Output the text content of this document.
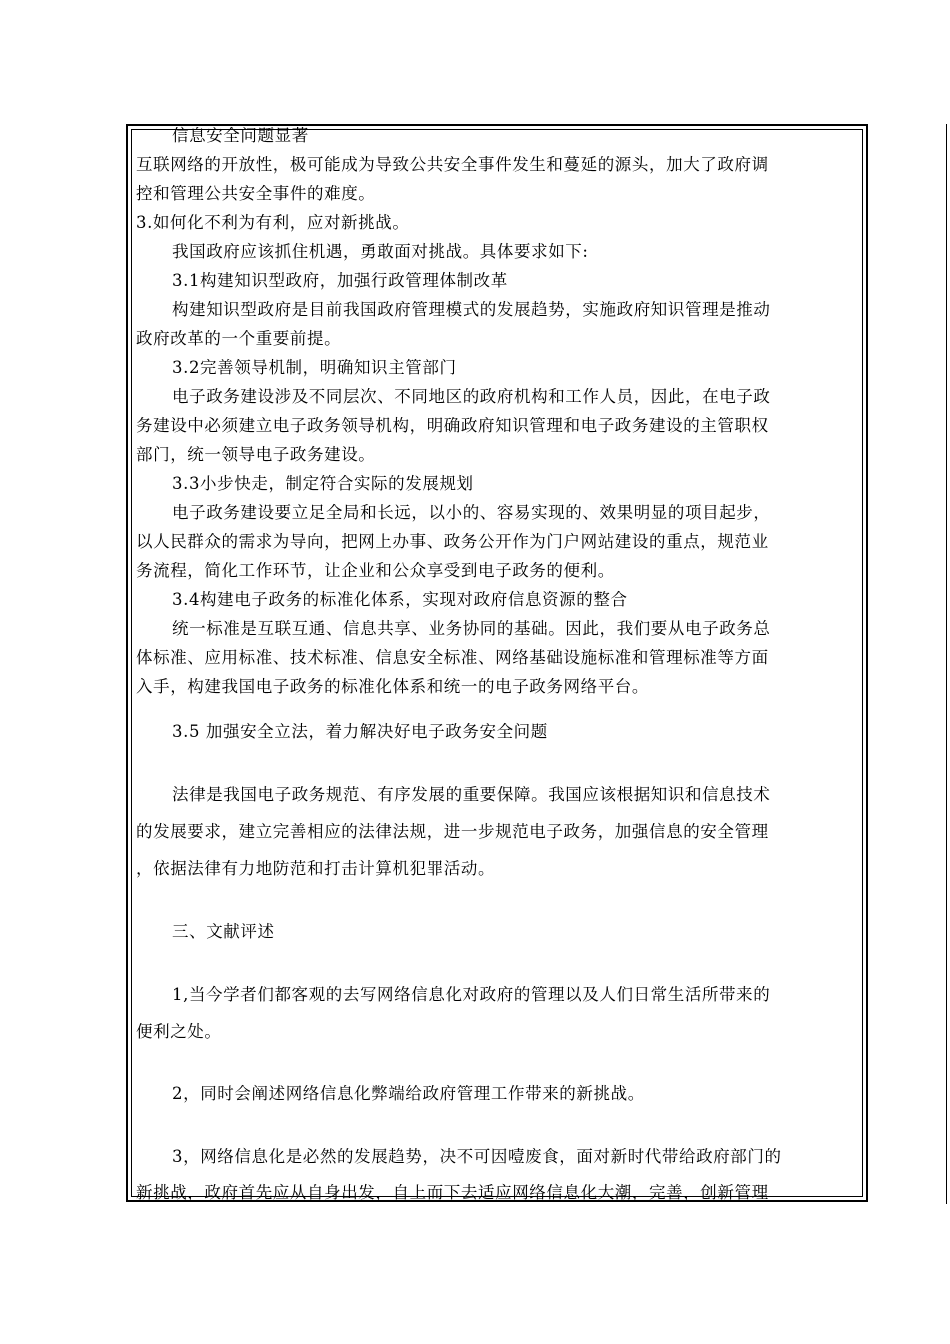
信息安全问题显著
互联网络的开放性，极可能成为导致公共安全事件发生和蔓延的源头，加大了政府调
控和管理公共安全事件的难度。
3.如何化不利为有利，应对新挑战。
我国政府应该抓住机遇，勇敢面对挑战。具体要求如下:
3.1构建知识型政府，加强行政管理体制改革
构建知识型政府是目前我国政府管理模式的发展趋势，实施政府知识管理是推动
政府改革的一个重要前提。
3.2完善领导机制，明确知识主管部门
电子政务建设涉及不同层次、不同地区的政府机构和工作人员，因此，在电子政
务建设中必须建立电子政务领导机构，明确政府知识管理和电子政务建设的主管职权
部门，统一领导电子政务建设。
3.3小步快走，制定符合实际的发展规划
电子政务建设要立足全局和长远，以小的、容易实现的、效果明显的项目起步，
以人民群众的需求为导向，把网上办事、政务公开作为门户网站建设的重点，规范业
务流程，简化工作环节，让企业和公众享受到电子政务的便利。
3.4构建电子政务的标准化体系，实现对政府信息资源的整合
统一标准是互联互通、信息共享、业务协同的基础。因此，我们要从电子政务总
体标准、应用标准、技术标准、信息安全标准、网络基础设施标准和管理标准等方面
入手，构建我国电子政务的标准化体系和统一的电子政务网络平台。
3.5 加强安全立法，着力解决好电子政务安全问题
法律是我国电子政务规范、有序发展的重要保障。我国应该根据知识和信息技术
的发展要求，建立完善相应的法律法规，进一步规范电子政务，加强信息的安全管理
，依据法律有力地防范和打击计算机犯罪活动。
三、文献评述
1,当今学者们都客观的去写网络信息化对政府的管理以及人们日常生活所带来的
便利之处。
2，同时会阐述网络信息化弊端给政府管理工作带来的新挑战。
3，网络信息化是必然的发展趋势，决不可因噎废食，面对新时代带给政府部门的
新挑战，政府首先应从自身出发，自上而下去适应网络信息化大潮，完善，创新管理
